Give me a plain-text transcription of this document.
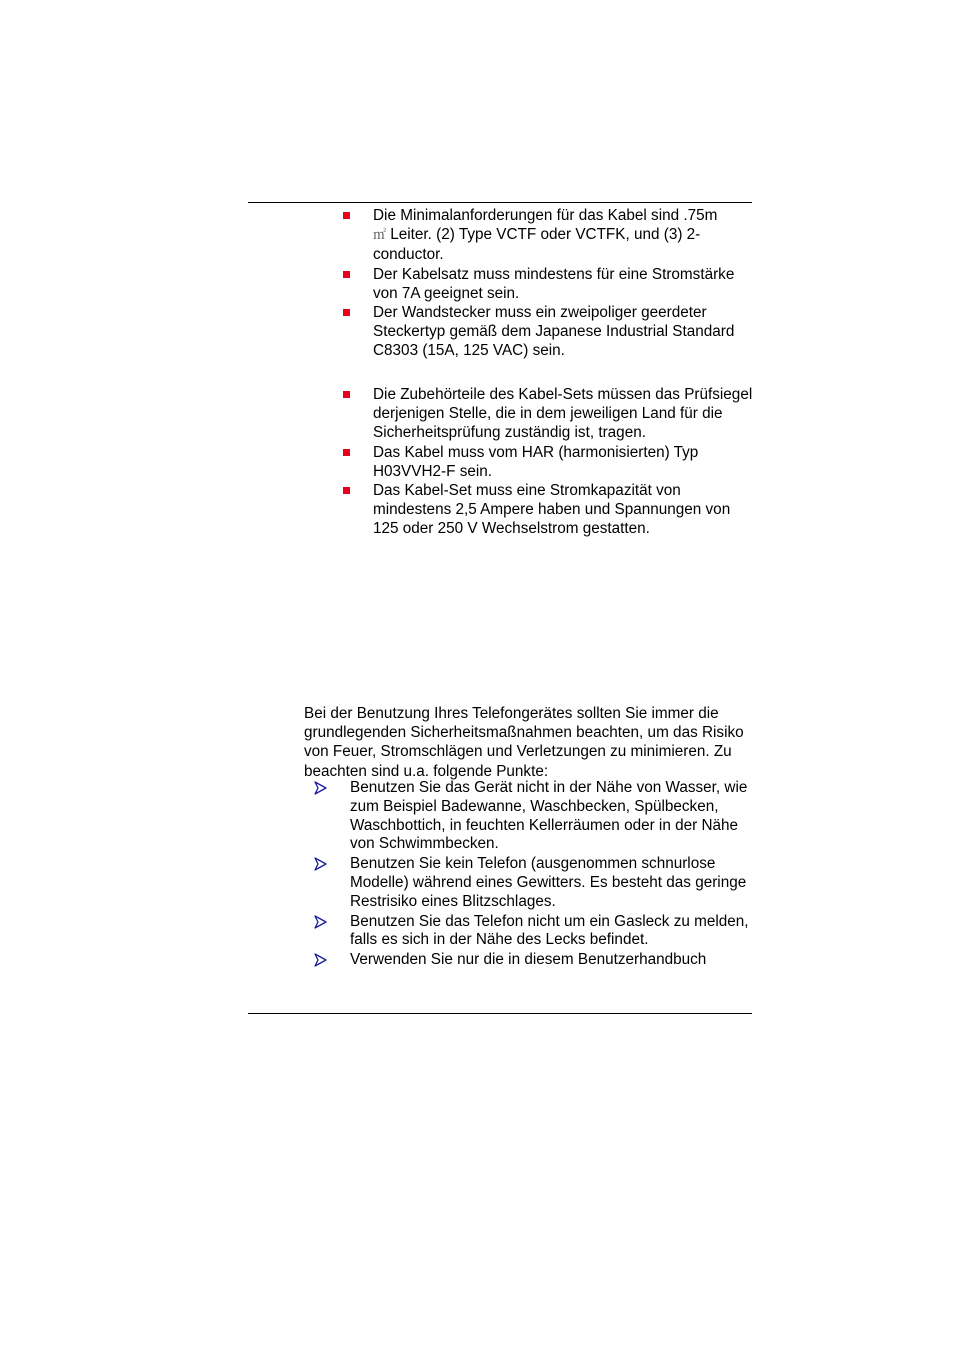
Die Minimalanforderungen für das Kabel sind .75m
㎡ Leiter. (2) Type VCTF oder VCTFK, und (3) 2-conductor.
Der Kabelsatz muss mindestens für eine Stromstärke von 7A geeignet sein.
Der Wandstecker muss ein zweipoliger geerdeter Steckertyp gemäß dem Japanese Industrial Standard C8303 (15A, 125 VAC) sein.
Die Zubehörteile des Kabel-Sets müssen das Prüfsiegel derjenigen Stelle, die in dem jeweiligen Land für die Sicherheitsprüfung zuständig ist, tragen.
Das Kabel muss vom HAR (harmonisierten) Typ H03VVH2-F sein.
Das Kabel-Set muss eine Stromkapazität von mindestens 2,5 Ampere haben und Spannungen von 125 oder 250 V Wechselstrom gestatten.

Bei der Benutzung Ihres Telefongerätes sollten Sie immer die grundlegenden Sicherheitsmaßnahmen beachten, um das Risiko von Feuer, Stromschlägen und Verletzungen zu minimieren. Zu beachten sind u.a. folgende Punkte:

Benutzen Sie das Gerät nicht in der Nähe von Wasser, wie zum Beispiel Badewanne, Waschbecken, Spülbecken, Waschbottich, in feuchten Kellerräumen oder in der Nähe von Schwimmbecken.
Benutzen Sie kein Telefon (ausgenommen schnurlose Modelle) während eines Gewitters. Es besteht das geringe Restrisiko eines Blitzschlages.
Benutzen Sie das Telefon nicht um ein Gasleck zu melden, falls es sich in der Nähe des Lecks befindet.
Verwenden Sie nur die in diesem Benutzerhandbuch
